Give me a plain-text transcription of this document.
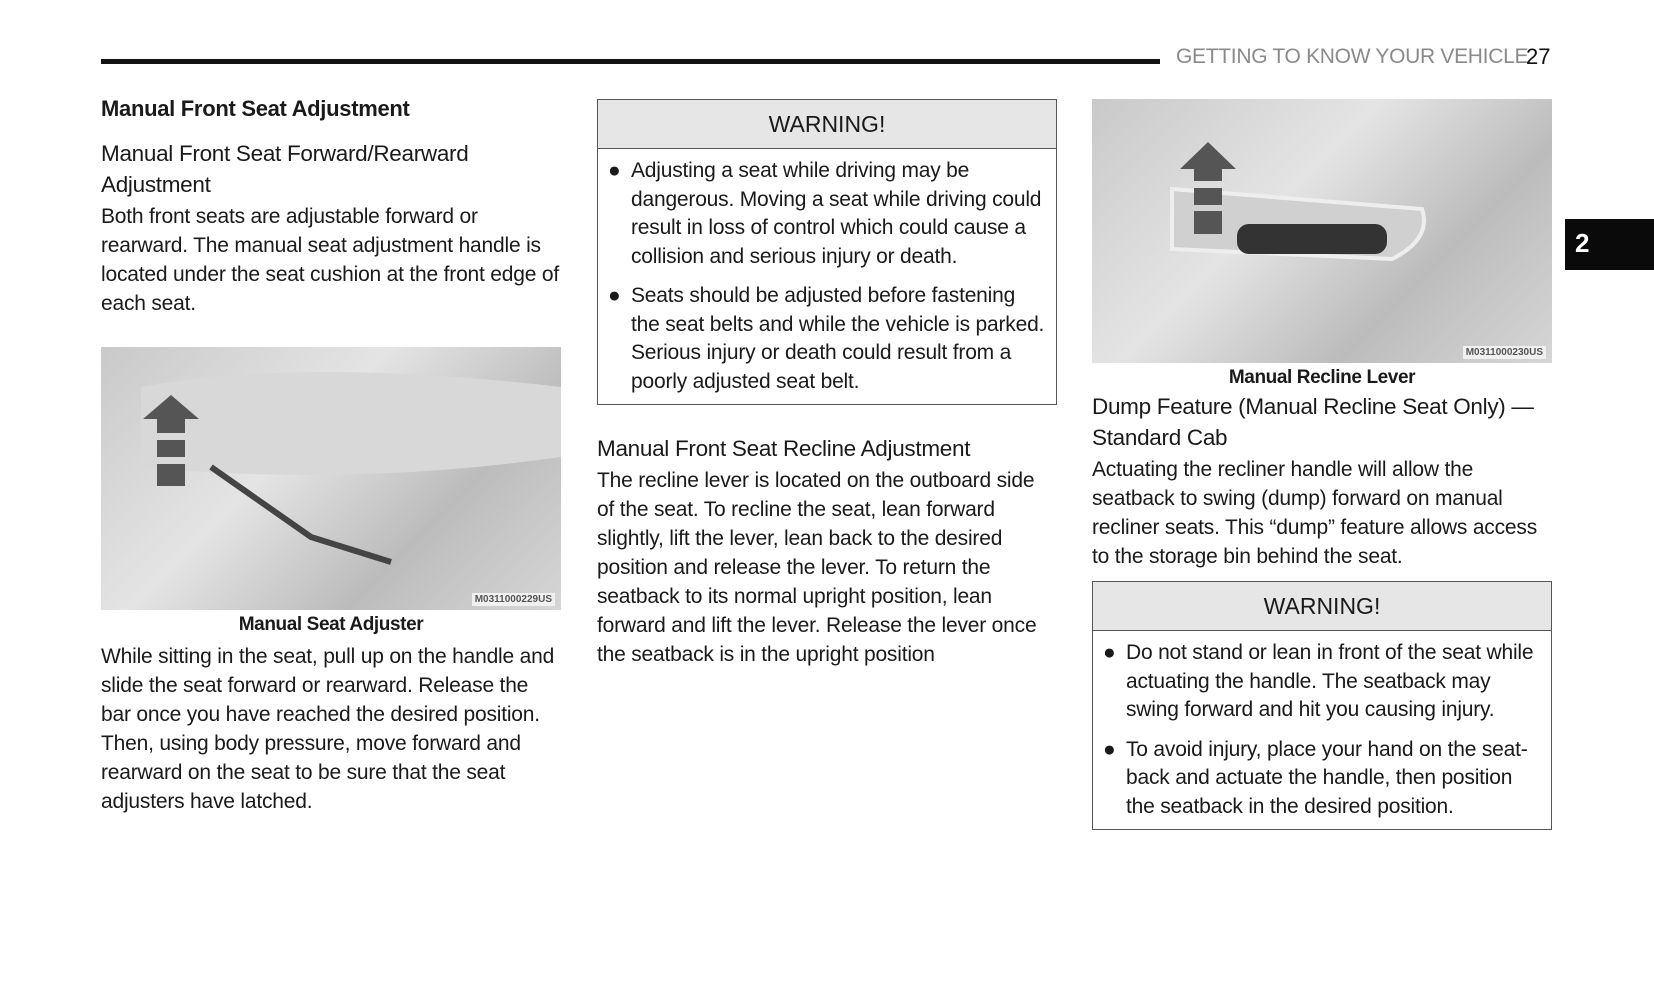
GETTING TO KNOW YOUR VEHICLE
27
2
Manual Front Seat Adjustment
Manual Front Seat Forward/Rearward Adjustment

Both front seats are adjustable forward or rearward. The manual seat adjustment handle is located under the seat cushion at the front edge of each seat.

M0311000229US
Manual Seat Adjuster

While sitting in the seat, pull up on the handle and slide the seat forward or rearward. Release the bar once you have reached the desired position. Then, using body pressure, move forward and rearward on the seat to be sure that the seat adjusters have latched.

WARNING!
● Adjusting a seat while driving may be dangerous. Moving a seat while driving could result in loss of control which could cause a collision and serious injury or death.
● Seats should be adjusted before fastening the seat belts and while the vehicle is parked. Serious injury or death could result from a poorly adjusted seat belt.
Manual Front Seat Recline Adjustment

The recline lever is located on the outboard side of the seat. To recline the seat, lean forward slightly, lift the lever, lean back to the desired position and release the lever. To return the seatback to its normal upright position, lean forward and lift the lever. Release the lever once the seatback is in the upright position

M0311000230US
Manual Recline Lever
Dump Feature (Manual Recline Seat Only) — Standard Cab

Actuating the recliner handle will allow the seatback to swing (dump) forward on manual recliner seats. This “dump” feature allows access to the storage bin behind the seat.

WARNING!
● Do not stand or lean in front of the seat while actuating the handle. The seatback may swing forward and hit you causing injury.
● To avoid injury, place your hand on the seat-back and actuate the handle, then position the seatback in the desired position.
